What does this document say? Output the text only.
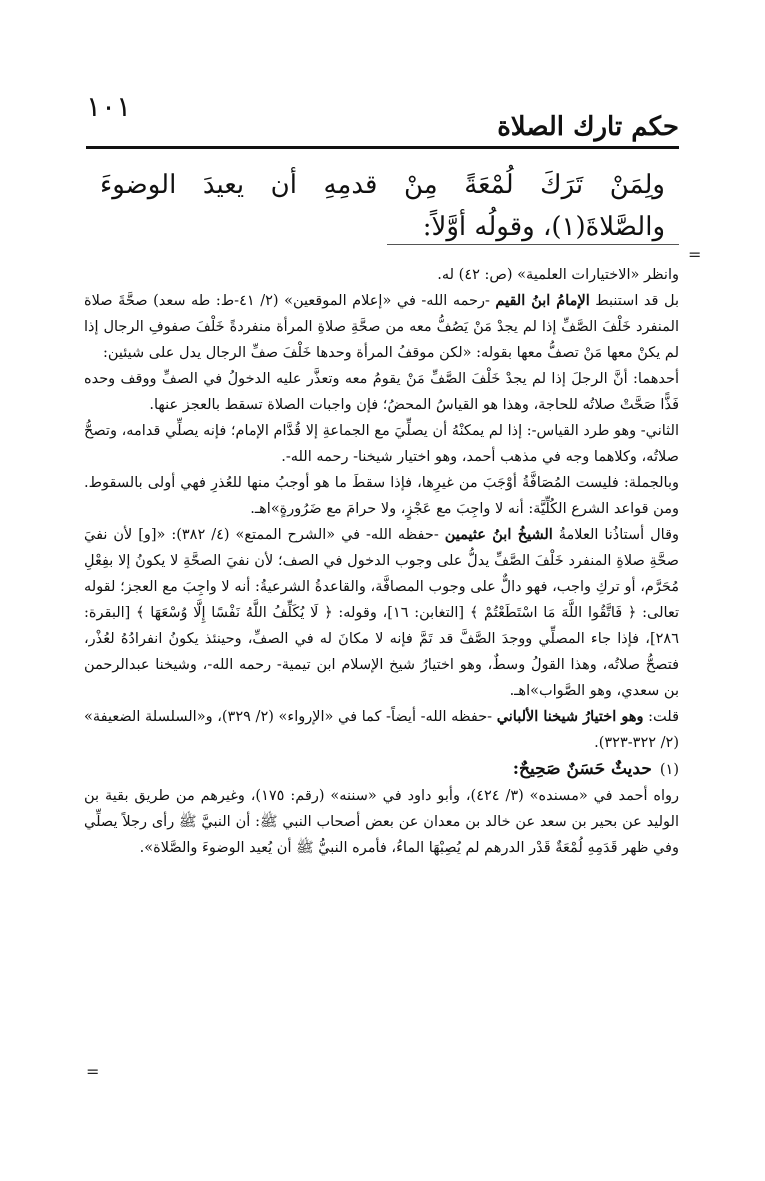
١٠١
حكم تارك الصلاة
ولِمَنْ تَرَكَ لُمْعَةً مِنْ قدمِهِ أن يعيدَ الوضوءَ والصَّلاةَ(١)، وقولُه أوَّلاً:
=

وانظر «الاختيارات العلمية» (ص: ٤٢) له.

بل قد استنبط الإمامُ ابنُ القيم -رحمه الله- في «إعلام الموقعين» (٢/ ٤١-ط: طه سعد) صحَّةَ صلاة المنفرد خَلْفَ الصَّفِّ إذا لم يجدْ مَنْ يَصُفُّ معه من صحَّةِ صلاةِ المرأة منفردةً خَلْفَ صفوفِ الرجال إذا لم يكنْ معها مَنْ تصفُّ معها بقوله: «لكن موقفُ المرأة وحدها خَلْفَ صفِّ الرجال يدل على شيئين:

أحدهما: أنَّ الرجلَ إذا لم يجدْ خَلْفَ الصَّفِّ مَنْ يقومُ معه وتعذَّر عليه الدخولُ في الصفِّ ووقف وحده فَذًّا صَحَّتْ صلاتُه للحاجة، وهذا هو القياسُ المحضُ؛ فإن واجبات الصلاة تسقط بالعجز عنها.

الثاني- وهو طرد القياس-: إذا لم يمكنْهُ أن يصلِّيَ مع الجماعةِ إلا قُدَّام الإمام؛ فإنه يصلِّي قدامه، وتصحُّ صلاتُه، وكلاهما وجه في مذهب أحمد، وهو اختيار شيخنا- رحمه الله-.

وبالجملة: فليست المُصَافَّةُ أوْجَبَ من غيرِها، فإذا سقطَ ما هو أوجبُ منها للعُذرِ فهي أولى بالسقوط. ومن قواعد الشرع الكُلِّيَّة: أنه لا واجِبَ مع عَجْزٍ، ولا حرامَ مع ضَرُورةٍ»اهـ.

وقال أستاذُنا العلامةُ الشيخُ ابنُ عثيمين -حفظه الله- في «الشرح الممتع» (٤/ ٣٨٢): «[و] لأن نفيَ صحَّةِ صلاةِ المنفرد خَلْفَ الصَّفِّ يدلُّ على وجوب الدخول في الصف؛ لأن نفيَ الصحَّةِ لا يكونُ إلا بفِعْلِ مُحَرَّم، أو تركِ واجب، فهو دالٌّ على وجوب المصافَّة، والقاعدةُ الشرعيةُ: أنه لا واجِبَ مع العجز؛ لقوله تعالى: ﴿ فَاتَّقُوا اللَّهَ مَا اسْتَطَعْتُمْ ﴾ [التغابن: ١٦]، وقوله: ﴿ لَا يُكَلِّفُ اللَّهُ نَفْسًا إِلَّا وُسْعَهَا ﴾ [البقرة: ٢٨٦]، فإذا جاء المصلِّي ووجدَ الصَّفَّ قد تَمَّ فإنه لا مكانَ له في الصفِّ، وحينئذ يكونُ انفرادُهُ لعُذْر، فتصحُّ صلاتُه، وهذا القولُ وسطٌ، وهو اختيارُ شيخ الإسلام ابن تيمية- رحمه الله-، وشيخنا عبدالرحمن بن سعدي، وهو الصَّواب»اهـ.

قلت: وهو اختيارُ شيخنا الألباني -حفظه الله- أيضاً- كما في «الإرواء» (٢/ ٣٢٩)، و«السلسلة الضعيفة» (٢/ ٣٢٢-٣٢٣).

(١)حديثٌ حَسَنٌ صَحِيحٌ:

رواه أحمد في «مسنده» (٣/ ٤٢٤)، وأبو داود في «سننه» (رقم: ١٧٥)، وغيرهم من طريق بقية بن الوليد عن بحير بن سعد عن خالد بن معدان عن بعض أصحاب النبي ﷺ: أن النبيَّ ﷺ رأى رجلاً يصلِّي وفي ظهر قَدَمِهِ لُمْعَةٌ قَدْر الدرهم لم يُصِبْهَا الماءُ، فأمره النبيُّ ﷺ أن يُعيد الوضوءَ والصَّلاة».

=
